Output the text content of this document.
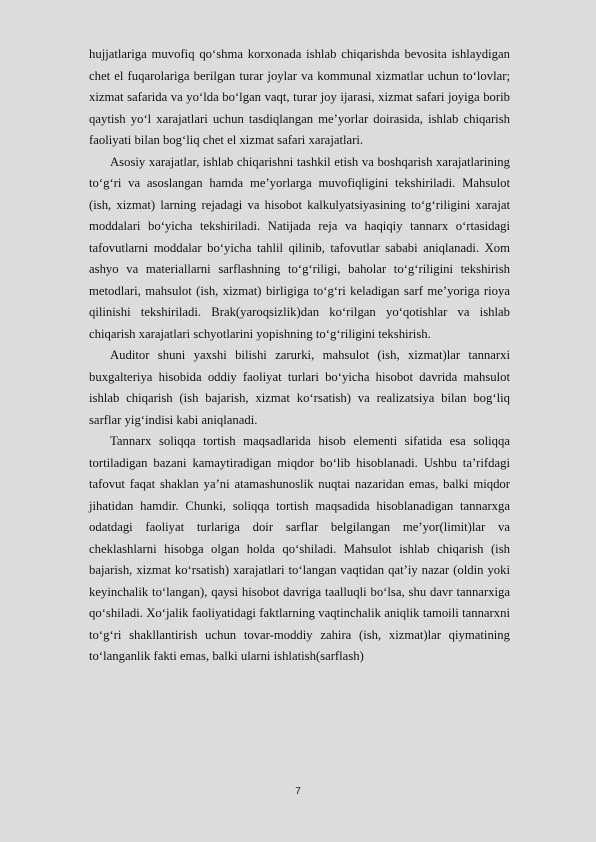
hujjatlariga muvofiq qo‘shma korxonada ishlab chiqarishda bevosita ishlaydigan chet el fuqarolariga berilgan turar joylar va kommunal xizmatlar uchun to‘lovlar; xizmat safarida va yo‘lda bo‘lgan vaqt, turar joy ijarasi, xizmat safari joyiga borib qaytish yo‘l xarajatlari uchun tasdiqlangan me’yorlar doirasida, ishlab chiqarish faoliyati bilan bog‘liq chet el xizmat safari xarajatlari.

Asosiy xarajatlar, ishlab chiqarishni tashkil etish va boshqarish xarajatlarining to‘g‘ri va asoslangan hamda me’yorlarga muvofiqligini tekshiriladi. Mahsulot (ish, xizmat) larning rejadagi va hisobot kalkulyatsiyasining to‘g‘riligini xarajat moddalari bo‘yicha tekshiriladi. Natijada reja va haqiqiy tannarx o‘rtasidagi tafovutlarni moddalar bo‘yicha tahlil qilinib, tafovutlar sababi aniqlanadi. Xom ashyo va materiallarni sarflashning to‘g‘riligi, baholar to‘g‘riligini tekshirish metodlari, mahsulot (ish, xizmat) birligiga to‘g‘ri keladigan sarf me’yoriga rioya qilinishi tekshiriladi. Brak(yaroqsizlik)dan ko‘rilgan yo‘qotishlar va ishlab chiqarish xarajatlari schyotlarini yopishning to‘g‘riligini tekshirish.

Auditor shuni yaxshi bilishi zarurki, mahsulot (ish, xizmat)lar tannarxi buxgalteriya hisobida oddiy faoliyat turlari bo‘yicha hisobot davrida mahsulot ishlab chiqarish (ish bajarish, xizmat ko‘rsatish) va realizatsiya bilan bog‘liq sarflar yig‘indisi kabi aniqlanadi.

Tannarx soliqqa tortish maqsadlarida hisob elementi sifatida esa soliqqa tortiladigan bazani kamaytiradigan miqdor bo‘lib hisoblanadi. Ushbu ta’rifdagi tafovut faqat shaklan ya’ni atamashunoslik nuqtai nazaridan emas, balki miqdor jihatidan hamdir. Chunki, soliqqa tortish maqsadida hisoblanadigan tannarxga odatdagi faoliyat turlariga doir sarflar belgilangan me’yor(limit)lar va cheklashlarni hisobga olgan holda qo‘shiladi. Mahsulot ishlab chiqarish (ish bajarish, xizmat ko‘rsatish) xarajatlari to‘langan vaqtidan qat’iy nazar (oldin yoki keyinchalik to‘langan), qaysi hisobot davriga taalluqli bo‘lsa, shu davr tannarxiga qo‘shiladi. Xo‘jalik faoliyatidagi faktlarning vaqtinchalik aniqlik tamoili tannarxni to‘g‘ri shakllantirish uchun tovar-moddiy zahira (ish, xizmat)lar qiymatining to‘langanlik fakti emas, balki ularni ishlatish(sarflash)

7
